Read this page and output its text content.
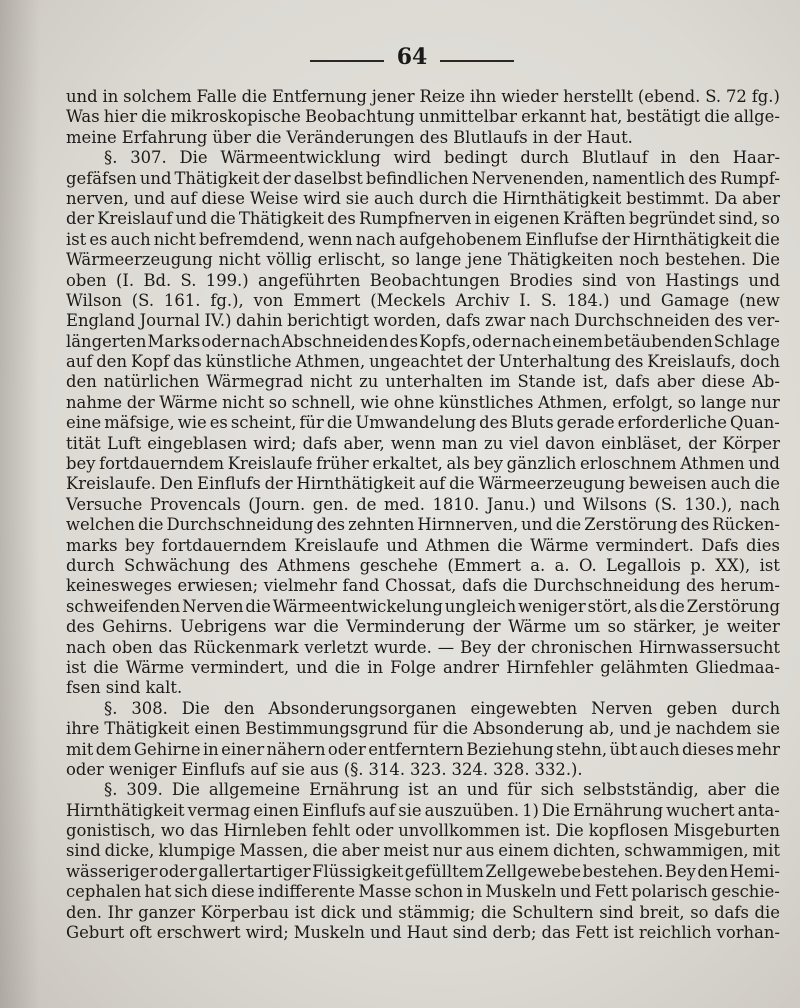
64
und in solchem Falle die Entfernung jener Reize ihn wieder herstellt (ebend. S. 72 fg.)
Was hier die mikroskopische Beobachtung unmittelbar erkannt hat, bestätigt die allge-
meine Erfahrung über die Veränderungen des Blutlaufs in der Haut.
§. 307. Die Wärmeentwicklung wird bedingt durch Blutlauf in den Haar-
gefäfsen und Thätigkeit der daselbst befindlichen Nervenenden, namentlich des Rumpf-
nerven, und auf diese Weise wird sie auch durch die Hirnthätigkeit bestimmt. Da aber
der Kreislauf und die Thätigkeit des Rumpfnerven in eigenen Kräften begründet sind, so
ist es auch nicht befremdend, wenn nach aufgehobenem Einflufse der Hirnthätigkeit die
Wärmeerzeugung nicht völlig erlischt, so lange jene Thätigkeiten noch bestehen. Die
oben (I. Bd. S. 199.) angeführten Beobachtungen Brodies sind von Hastings und
Wilson (S. 161. fg.), von Emmert (Meckels Archiv I. S. 184.) und Gamage (new
England Journal IV.) dahin berichtigt worden, dafs zwar nach Durchschneiden des ver-
längerten Marks oder nach Abschneiden des Kopfs, oder nach einem betäubenden Schlage
auf den Kopf das künstliche Athmen, ungeachtet der Unterhaltung des Kreislaufs, doch
den natürlichen Wärmegrad nicht zu unterhalten im Stande ist, dafs aber diese Ab-
nahme der Wärme nicht so schnell, wie ohne künstliches Athmen, erfolgt, so lange nur
eine mäfsige, wie es scheint, für die Umwandelung des Bluts gerade erforderliche Quan-
tität Luft eingeblasen wird; dafs aber, wenn man zu viel davon einbläset, der Körper
bey fortdauerndem Kreislaufe früher erkaltet, als bey gänzlich erloschnem Athmen und
Kreislaufe. Den Einflufs der Hirnthätigkeit auf die Wärmeerzeugung beweisen auch die
Versuche Provencals (Journ. gen. de med. 1810. Janu.) und Wilsons (S. 130.), nach
welchen die Durchschneidung des zehnten Hirnnerven, und die Zerstörung des Rücken-
marks bey fortdauerndem Kreislaufe und Athmen die Wärme vermindert. Dafs dies
durch Schwächung des Athmens geschehe (Emmert a. a. O. Legallois p. XX), ist
keinesweges erwiesen; vielmehr fand Chossat, dafs die Durchschneidung des herum-
schweifenden Nerven die Wärmeentwickelung ungleich weniger stört, als die Zerstörung
des Gehirns. Uebrigens war die Verminderung der Wärme um so stärker, je weiter
nach oben das Rückenmark verletzt wurde. — Bey der chronischen Hirnwassersucht
ist die Wärme vermindert, und die in Folge andrer Hirnfehler gelähmten Gliedmaa-
fsen sind kalt.
§. 308. Die den Absonderungsorganen eingewebten Nerven geben durch
ihre Thätigkeit einen Bestimmungsgrund für die Absonderung ab, und je nachdem sie
mit dem Gehirne in einer nähern oder entferntern Beziehung stehn, übt auch dieses mehr
oder weniger Einflufs auf sie aus (§. 314. 323. 324. 328. 332.).
§. 309. Die allgemeine Ernährung ist an und für sich selbstständig, aber die
Hirnthätigkeit vermag einen Einflufs auf sie auszuüben. 1) Die Ernährung wuchert anta-
gonistisch, wo das Hirnleben fehlt oder unvollkommen ist. Die kopflosen Misgeburten
sind dicke, klumpige Massen, die aber meist nur aus einem dichten, schwammigen, mit
wässeriger oder gallertartiger Flüssigkeit gefülltem Zellgewebe bestehen. Bey den Hemi-
cephalen hat sich diese indifferente Masse schon in Muskeln und Fett polarisch geschie-
den. Ihr ganzer Körperbau ist dick und stämmig; die Schultern sind breit, so dafs die
Geburt oft erschwert wird; Muskeln und Haut sind derb; das Fett ist reichlich vorhan-
